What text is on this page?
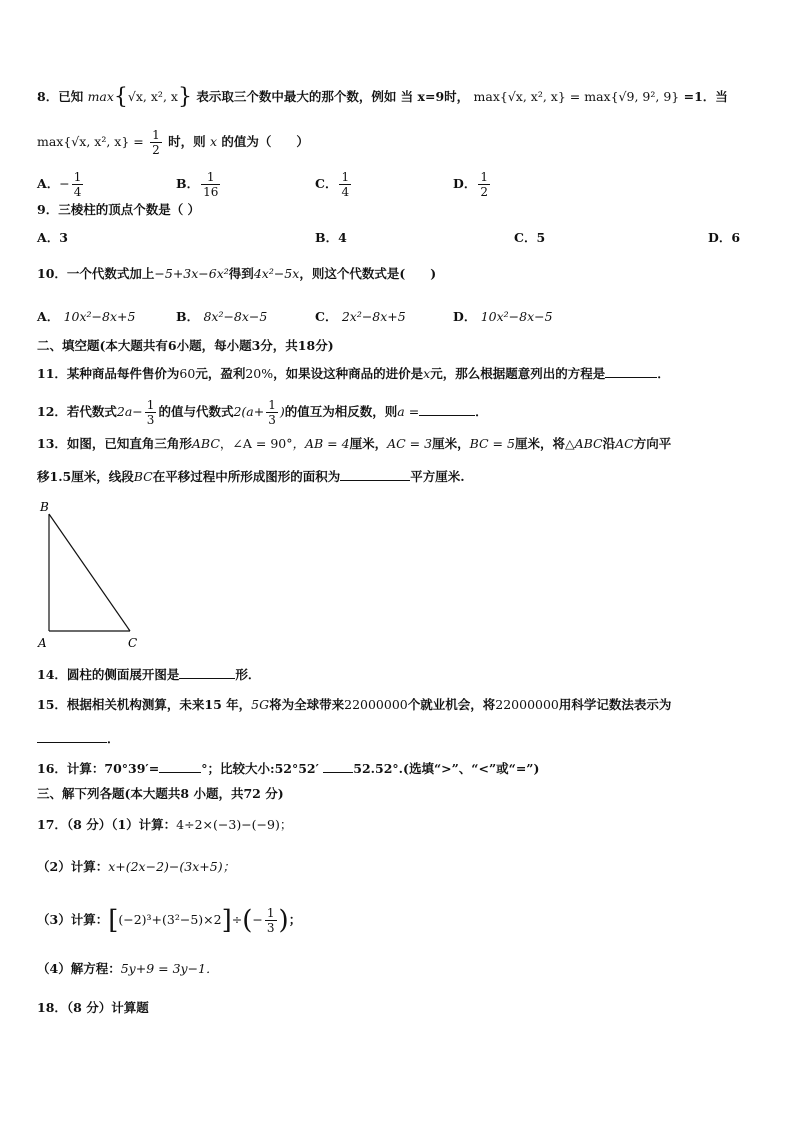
8．已知 max{√x, x², x} 表示取三个数中最大的那个数，例如 当 x=9时， max{√x, x², x} = max{√9, 9², 9} =1．当
max{√x, x², $x\} = \frac{1}{2}$ 时，则 x 的值为（　　）
A．− $\frac{1}{4}$	B． $\frac{1}{16}$	C． $\frac{1}{4}$	D． $\frac{1}{2}$
9．三棱柱的顶点个数是（ ）
A．3	B．4	C．5	D．6
10．一个代数式加上−5+3x−6x²得到4x²−5x，则这个代数式是(　　)
A． 10x²−8x+5	B． 8x²−8x−5	C． 2x²−8x+5	D． 10x²−8x−5
二、填空题(本大题共有6小题，每小题3分，共18分)
11．某种商品每件售价为60元，盈利20%，如果设这种商品的进价是x元，那么根据题意列出的方程是	．
12．若代数式$2a- \frac{1}{3}$ 的值与代数式$2(a+ \frac{1}{3}$ )的值互为相反数，则a =	．
13．如图，已知直角三角形ABC，∠A = 90°，AB = 4厘米，AC = 3厘米，BC = 5厘米，将△ABC沿AC方向平
移1.5厘米，线段BC在平移过程中所形成图形的面积为	平方厘米.
B
A	C
14．圆柱的侧面展开图是	形．
15．根据相关机构测算，未来15 年，5G将为全球带来22000000个就业机会，将22000000用科学记数法表示为
．
16．计算：70°39′=	°；比较大小:52°52′	52.52°.(选填“>”、“<”或“=”)
三、解下列各题(本大题共8 小题，共72 分)
17．（8 分）（1）计算：4÷2×(−3)−(−9)；
（2）计算：x+(2x−2)−(3x+5)；
（3）计算：$[(-2)^3+(3^2-5)\times 2]\div(- \frac{1}{3}$ )；
（4）解方程：5y+9 = 3y−1．
18．（8 分）计算题
